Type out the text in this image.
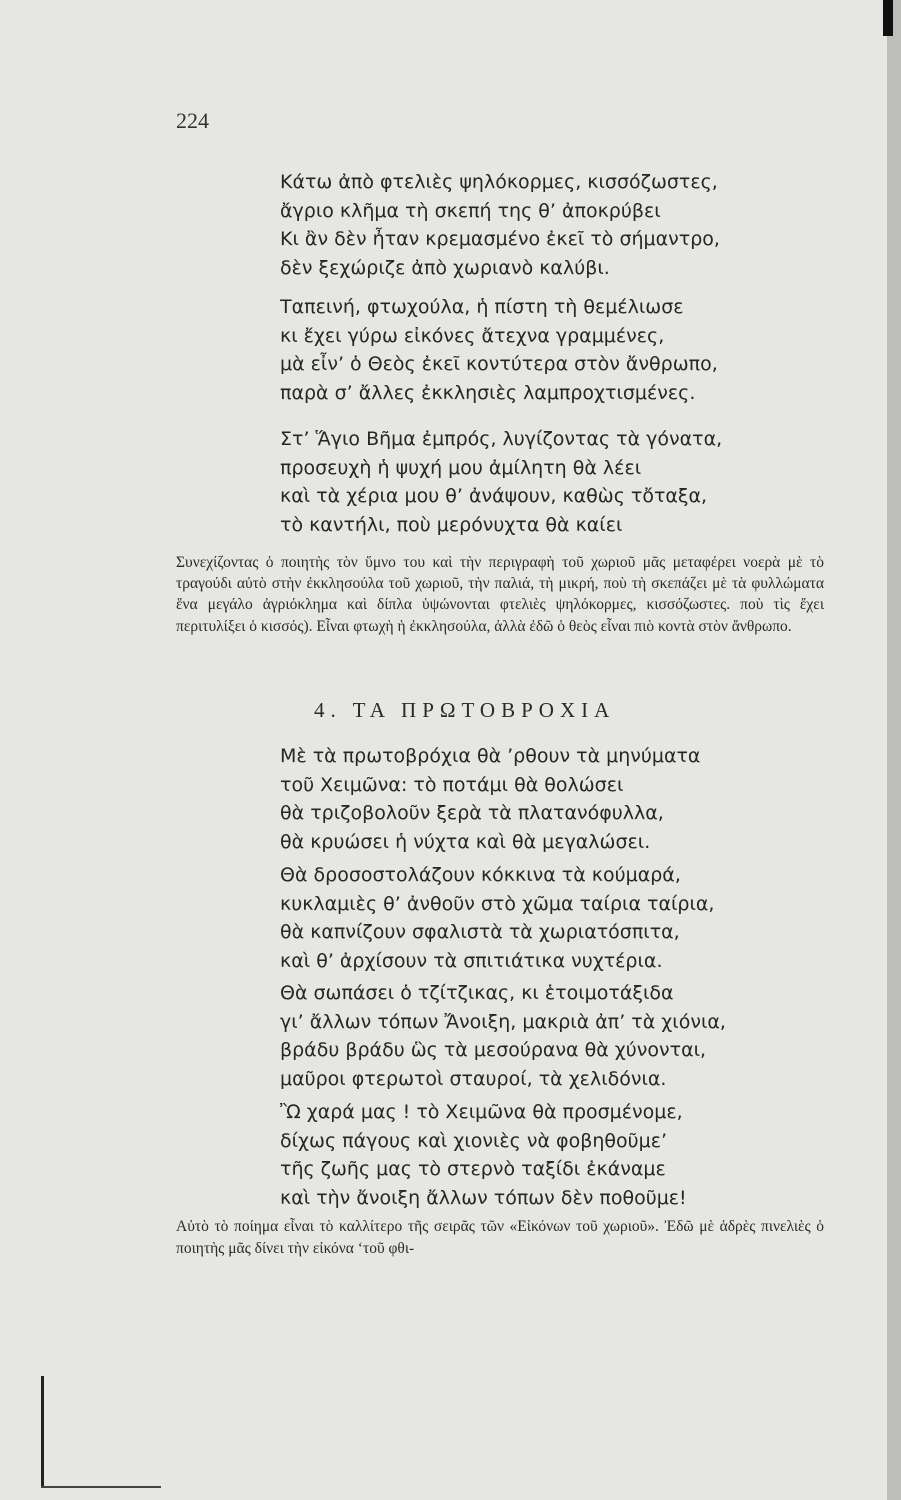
224
Κάτω ἀπὸ φτελιὲς ψηλόκορμες, κισσόζωστες,
ἄγριο κλῆμα τὴ σκεπή της θ’ ἀποκρύβει
Κι ἂν δὲν ἦταν κρεμασμένο ἐκεῖ τὸ σήμαντρο,
δὲν ξεχώριζε ἀπὸ χωριανὸ καλύβι.
Ταπεινή, φτωχούλα, ἡ πίστη τὴ θεμέλιωσε
κι ἔχει γύρω εἰκόνες ἄτεχνα γραμμένες,
μὰ εἶν’ ὁ Θεὸς ἐκεῖ κοντύτερα στὸν ἄνθρωπο,
παρὰ σ’ ἄλλες ἐκκλησιὲς λαμπροχτισμένες.
Στ’ Ἅγιο Βῆμα ἐμπρός, λυγίζοντας τὰ γόνατα,
προσευχὴ ἡ ψυχή μου ἀμίλητη θὰ λέει
καὶ τὰ χέρια μου θ’ ἀνάψουν, καθὼς τὄταξα,
τὸ καντήλι, ποὺ μερόνυχτα θὰ καίει

Συνεχίζοντας ὁ ποιητὴς τὸν ὕμνο του καὶ τὴν περιγραφὴ τοῦ χωριοῦ μᾶς μεταφέρει νοερὰ μὲ τὸ τραγούδι αὐτὸ στὴν ἐκκλησούλα τοῦ χωριοῦ, τὴν παλιά, τὴ μικρή, ποὺ τὴ σκεπάζει μὲ τὰ φυλλώματα ἕνα μεγάλο ἀγριόκλημα καὶ δίπλα ὑψώνονται φτελιὲς ψηλόκορμες, κισσόζωστες. ποὺ τὶς ἔχει περιτυλίξει ὁ κισσός). Εἶναι φτωχὴ ἡ ἐκκλησούλα, ἀλλὰ ἐδῶ ὁ θεὸς εἶναι πιὸ κοντὰ στὸν ἄνθρωπο.

4. ΤΑ ΠΡΩΤΟΒΡΟΧΙΑ
Μὲ τὰ πρωτοβρόχια θὰ ’ρθουν τὰ μηνύματα
τοῦ Χειμῶνα: τὸ ποτάμι θὰ θολώσει
θὰ τριζοβολοῦν ξερὰ τὰ πλατανόφυλλα,
θὰ κρυώσει ἡ νύχτα καὶ θὰ μεγαλώσει.
Θὰ δροσοστολάζουν κόκκινα τὰ κούμαρά,
κυκλαμιὲς θ’ ἀνθοῦν στὸ χῶμα ταίρια ταίρια,
θὰ καπνίζουν σφαλιστὰ τὰ χωριατόσπιτα,
καὶ θ’ ἀρχίσουν τὰ σπιτιάτικα νυχτέρια.
Θὰ σωπάσει ὁ τζίτζικας, κι ἑτοιμοτάξιδα
γι’ ἄλλων τόπων Ἄνοιξη, μακριὰ ἀπ’ τὰ χιόνια,
βράδυ βράδυ ὣς τὰ μεσούρανα θὰ χύνονται,
μαῦροι φτερωτοὶ σταυροί, τὰ χελιδόνια.
Ὢ χαρά μας ! τὸ Χειμῶνα θὰ προσμένομε,
δίχως πάγους καὶ χιονιὲς νὰ φοβηθοῦμε’
τῆς ζωῆς μας τὸ στερνὸ ταξίδι ἐκάναμε
καὶ τὴν ἄνοιξη ἄλλων τόπων δὲν ποθοῦμε!

Αὐτὸ τὸ ποίημα εἶναι τὸ καλλίτερο τῆς σειρᾶς τῶν «Εἰκόνων τοῦ χωριοῦ». Ἐδῶ μὲ ἁδρὲς πινελιὲς ὁ ποιητὴς μᾶς δίνει τὴν εἰκόνα ‘τοῦ φθι-
